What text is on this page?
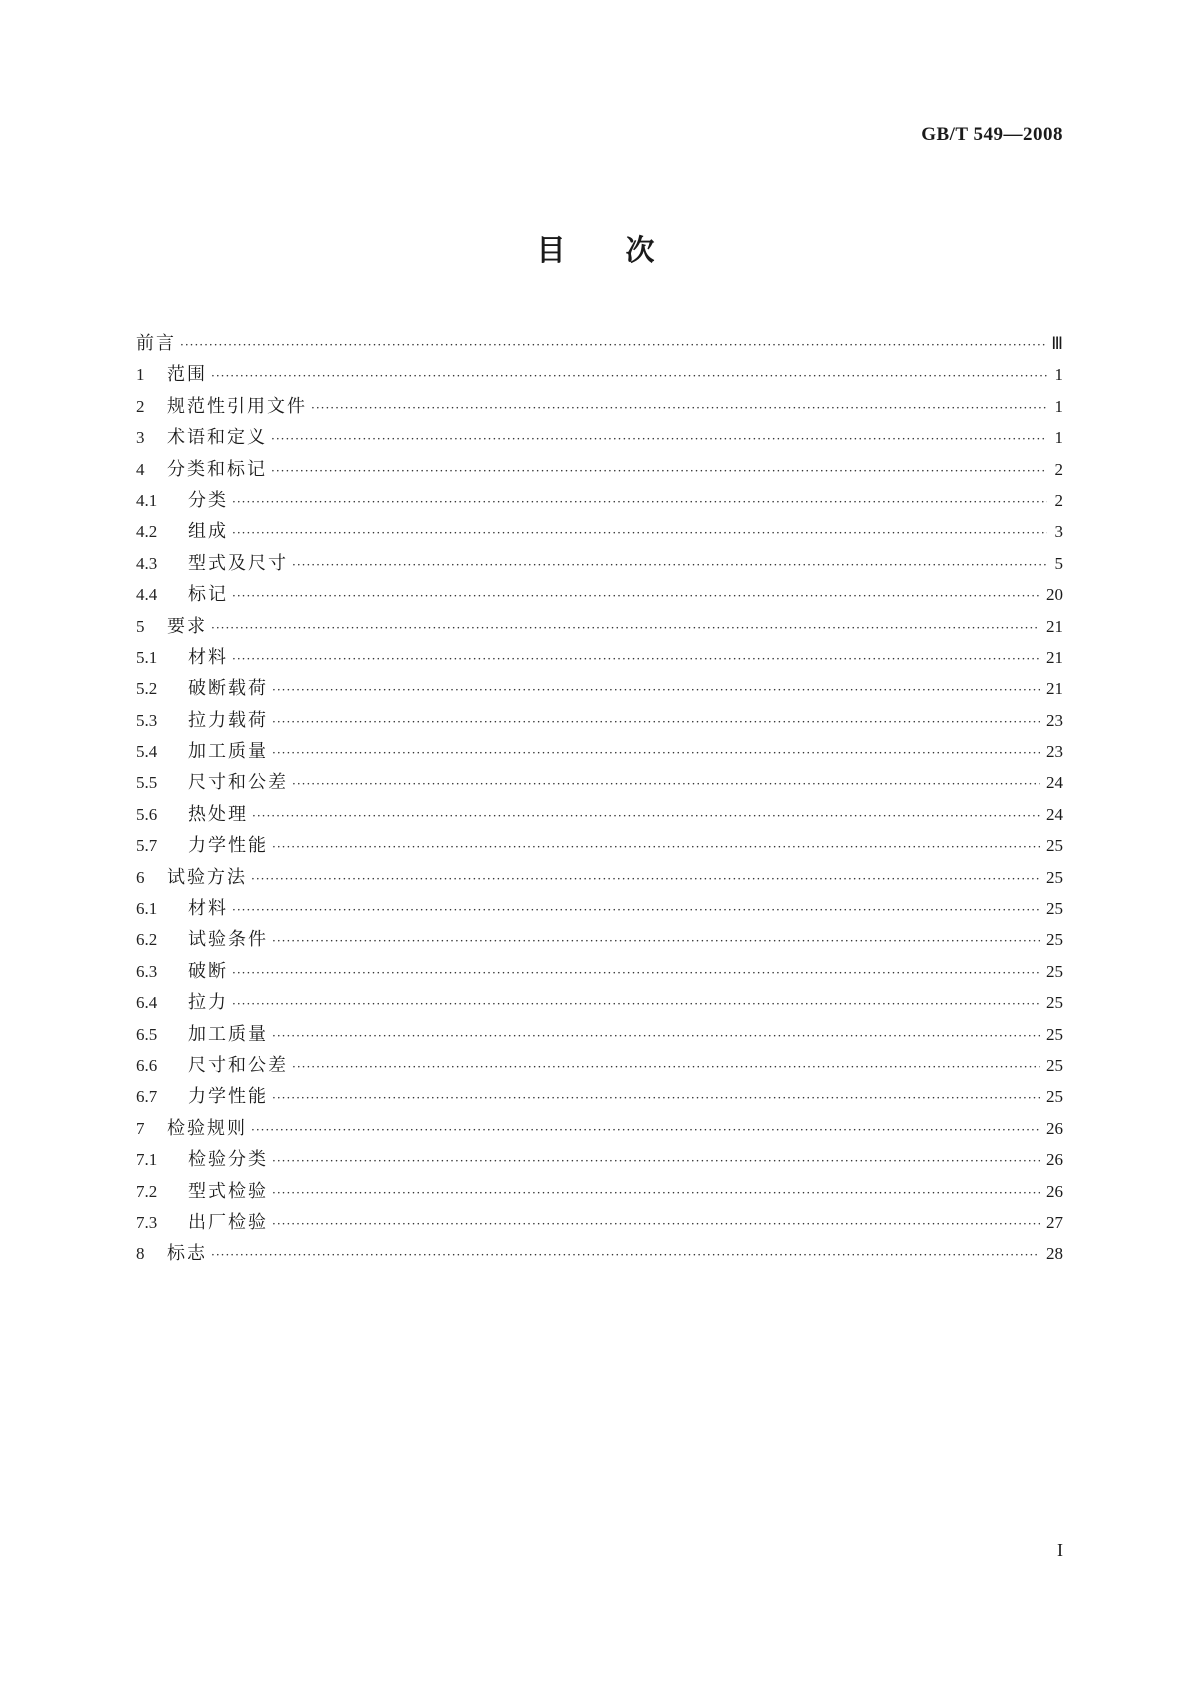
GB/T 549—2008
目 次
前言 ·····	Ⅲ
1	范围 ·····	1
2	规范性引用文件 ·····	1
3	术语和定义 ·····	1
4	分类和标记 ·····	2
4.1	分类 ·····	2
4.2	组成 ·····	3
4.3	型式及尺寸 ·····	5
4.4	标记 ·····	20
5	要求 ·····	21
5.1	材料 ·····	21
5.2	破断载荷 ·····	21
5.3	拉力载荷 ·····	23
5.4	加工质量 ·····	23
5.5	尺寸和公差 ·····	24
5.6	热处理 ·····	24
5.7	力学性能 ·····	25
6	试验方法 ·····	25
6.1	材料 ·····	25
6.2	试验条件 ·····	25
6.3	破断 ·····	25
6.4	拉力 ·····	25
6.5	加工质量 ·····	25
6.6	尺寸和公差 ·····	25
6.7	力学性能 ·····	25
7	检验规则 ·····	26
7.1	检验分类 ·····	26
7.2	型式检验 ·····	26
7.3	出厂检验 ·····	27
8	标志 ·····	28
I
